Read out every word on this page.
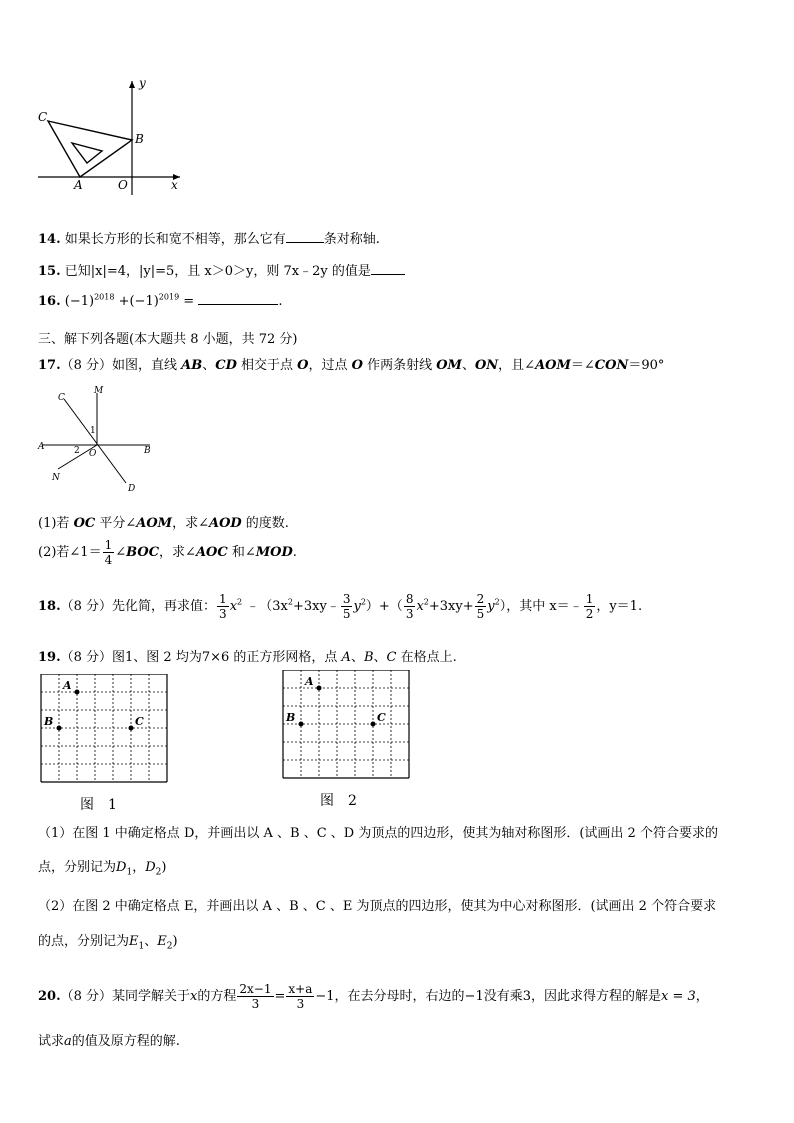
y
x
C
B
A	O
14. 如果长方形的长和宽不相等，那么它有	条对称轴.
15. 已知|x|=4，|y|=5，且 x＞0＞y，则 7x﹣2y 的值是
16. $(-1)^{2018} +(-1)^{2019}$ =	.
三、解下列各题(本大题共 8 小题，共 72 分)
17.（8 分）如图，直线 AB、CD 相交于点 O，过点 O 作两条射线 OM、ON，且∠AOM＝∠CON＝90°
C
M
1
A	2 O	B
N
D
(1)若 OC 平分∠AOM，求∠AOD 的度数.
(2)若∠1＝ $\frac{1}{4}$ ∠BOC，求∠AOC 和∠MOD.
18.（8 分）先化简，再求值： $\frac{1}{3} x^2$ $﹣(3x^2+3xy﹣ \frac{3}{5} y^2)+( \frac{8}{3} x^2+3xy+ \frac{2}{5} y^2)$，其中 x＝﹣ $\frac{1}{2}$ ，y＝1.
19.（8 分）图1、图 2 均为7×6 的正方形网格，点 A、B、C 在格点上.
A
B	C
图　1
A
B	C
图　2
（1）在图 1 中确定格点 D，并画出以 A 、B 、C 、D 为顶点的四边形，使其为轴对称图形．(试画出 2 个符合要求的
点，分别记为$D_1$，$D_2$)
（2）在图 2 中确定格点 E，并画出以 A 、B 、C 、E 为顶点的四边形，使其为中心对称图形．(试画出 2 个符合要求
的点，分别记为$E_1$、$E_2$)
20.（8 分）某同学解关于x的方程 $\frac{2x-1}{3} = \frac{x+a}{3} -1$，在去分母时，右边的−1没有乘3，因此求得方程的解是x = 3，
试求a的值及原方程的解.
